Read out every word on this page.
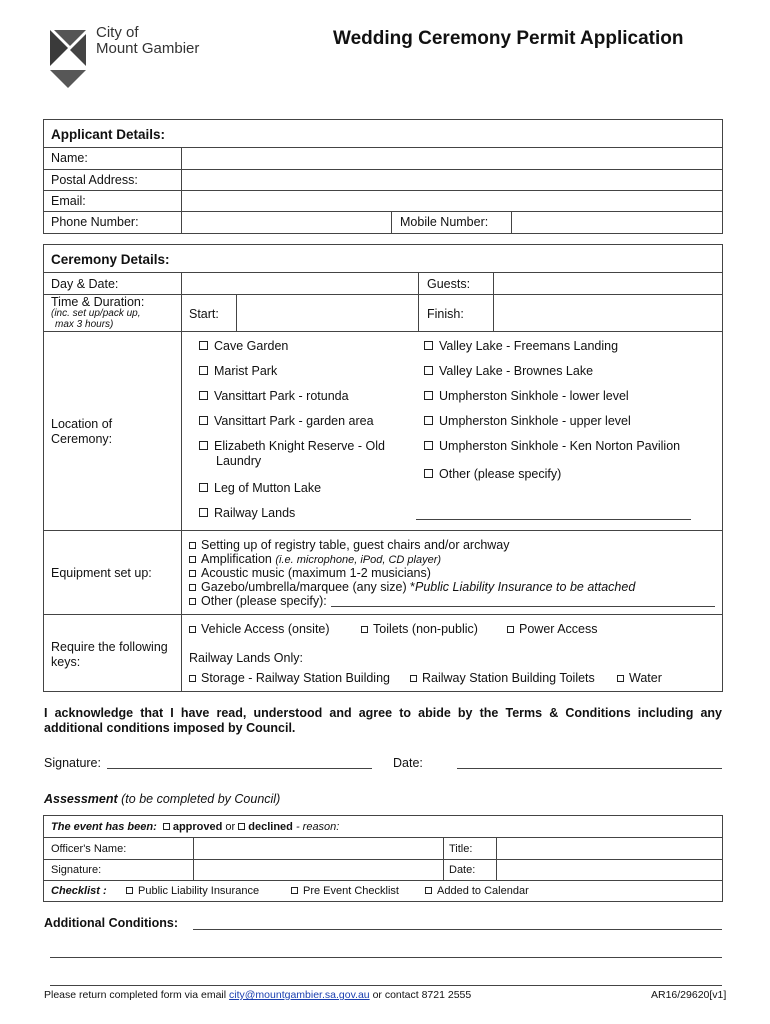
City of
Mount Gambier	Wedding Ceremony Permit Application
Applicant Details:
Name:
Postal Address:
Email:
Phone Number:	Mobile Number:
Ceremony Details:
Day & Date:	Guests:
Time & Duration:
(inc. set up/pack up,
max 3 hours)
Start:	Finish:
Location of
Ceremony:
Cave Garden
Marist Park
Vansittart Park - rotunda
Vansittart Park - garden area
Elizabeth Knight Reserve - Old
Laundry
Leg of Mutton Lake
Railway Lands
Valley Lake - Freemans Landing
Valley Lake - Brownes Lake
Umpherston Sinkhole - lower level
Umpherston Sinkhole - upper level
Umpherston Sinkhole - Ken Norton Pavilion
Other (please specify)
Equipment set up:
Setting up of registry table, guest chairs and/or archway
Amplification (i.e. microphone, iPod, CD player)
Acoustic music (maximum 1-2 musicians)
Gazebo/umbrella/marquee (any size) *Public Liability Insurance to be attached
Other (please specify):
Require the following
keys:
Vehicle Access (onsite)	Toilets (non-public)	Power Access
Railway Lands Only:
Storage - Railway Station Building	Railway Station Building Toilets	Water
I acknowledge that I have read, understood and agree to abide by the Terms & Conditions including any additional conditions imposed by Council.
Signature:	Date:
Assessment (to be completed by Council)
The event has been: approved or declined - reason:
Officer's Name:	Title:
Signature:	Date:
Checklist :	Public Liability Insurance	Pre Event Checklist	Added to Calendar
Additional Conditions:
Please return completed form via email city@mountgambier.sa.gov.au or contact 8721 2555	AR16/29620[v1]
